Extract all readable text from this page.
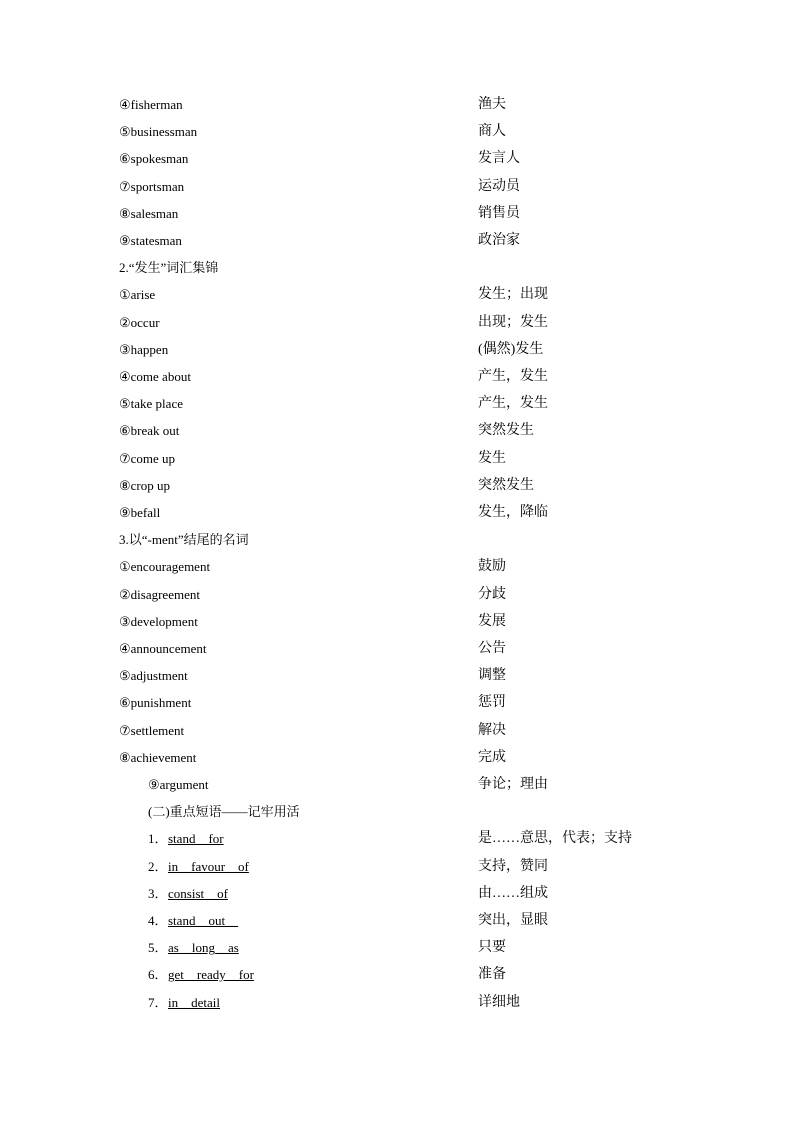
④fisherman	渔夫
⑤businessman	商人
⑥spokesman	发言人
⑦sportsman	运动员
⑧salesman	销售员
⑨statesman	政治家
2.“发生”词汇集锦
①arise	发生；出现
②occur	出现；发生
③happen	(偶然)发生
④come about	产生，发生
⑤take place	产生，发生
⑥break out	突然发生
⑦come up	发生
⑧crop up	突然发生
⑨befall	发生，降临
3.以“-ment”结尾的名词
①encouragement	鼓励
②disagreement	分歧
③development	发展
④announcement	公告
⑤adjustment	调整
⑥punishment	惩罚
⑦settlement	解决
⑧achievement	完成
⑨argument	争论；理由
(二)重点短语——记牢用活
1．stand__for	是……意思，代表；支持
2．in__favour__of	支持，赞同
3．consist__of	由……组成
4．stand__out__	突出，显眼
5．as__long__as	只要
6．get__ready__for	准备
7．in__detail	详细地
